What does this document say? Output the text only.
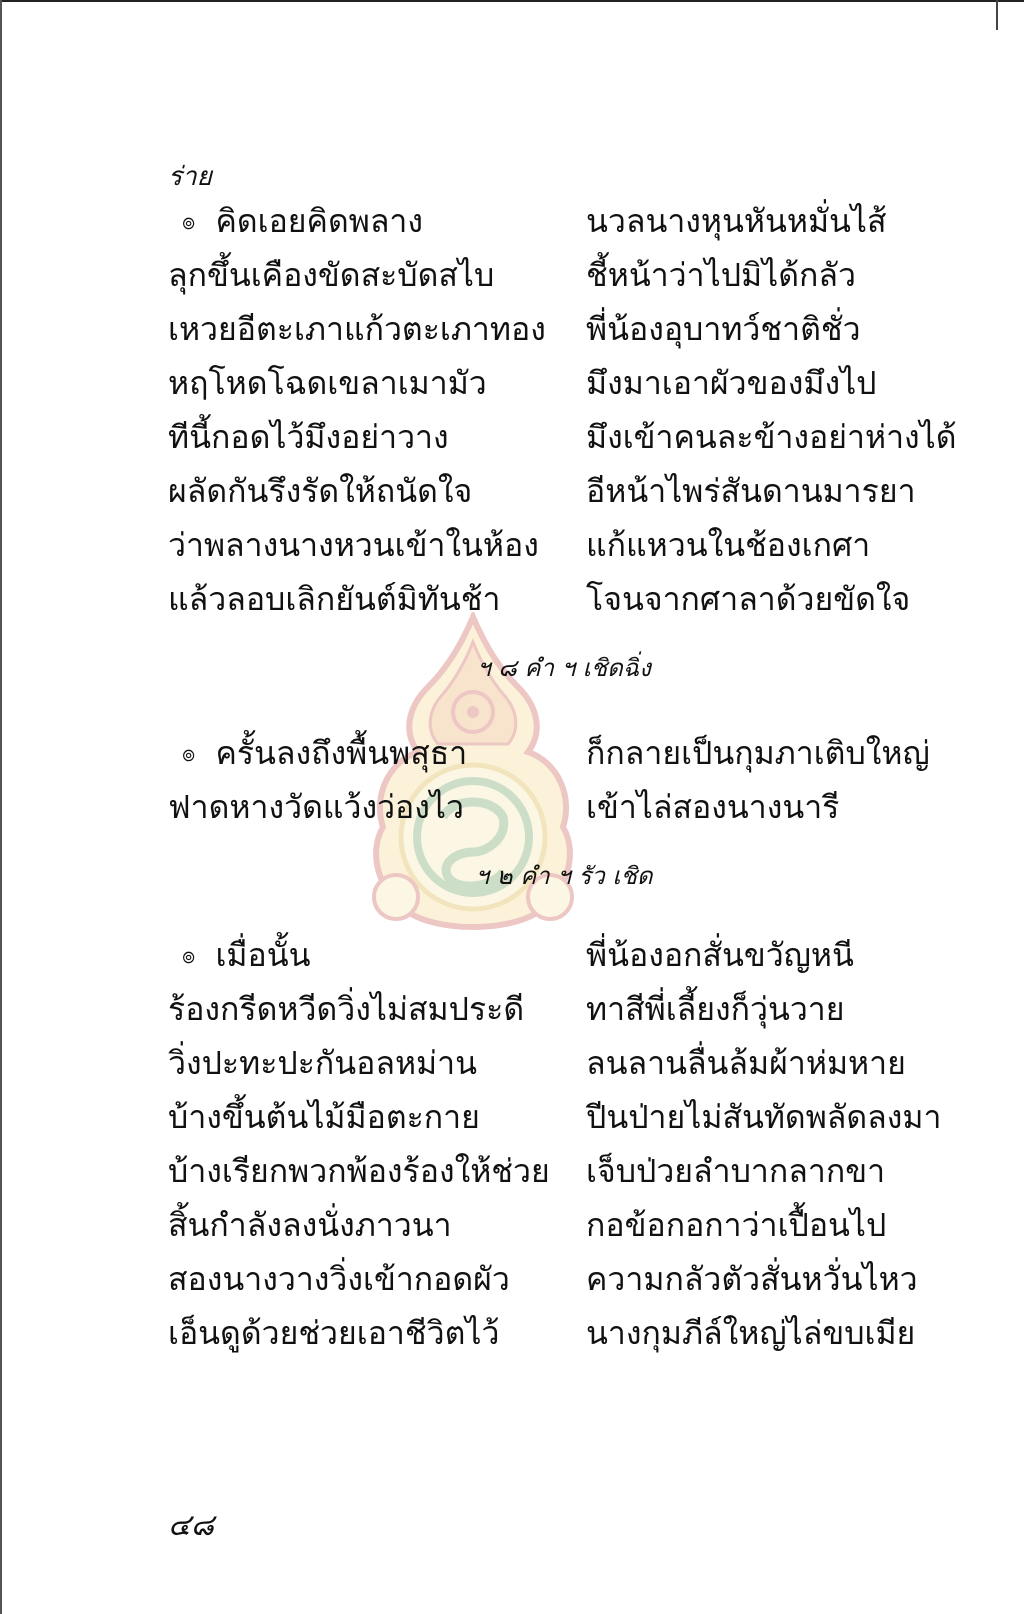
ร่าย
๏ คิดเอยคิดพลาง	นวลนางหุนหันหมั่นไส้
ลุกขึ้นเคืองขัดสะบัดสไบ	ชี้หน้าว่าไปมิได้กลัว
เหวยอีตะเภาแก้วตะเภาทอง พี่น้องอุบาทว์ชาติชั่ว
หฤโหดโฉดเขลาเมามัว	มึงมาเอาผัวของมึงไป
ทีนี้กอดไว้มึงอย่าวาง	มึงเข้าคนละข้างอย่าห่างได้
ผลัดกันรึงรัดให้ถนัดใจ	อีหน้าไพร่สันดานมารยา
ว่าพลางนางหวนเข้าในห้อง แก้แหวนในช้องเกศา
แล้วลอบเลิกยันต์มิทันช้า	โจนจากศาลาด้วยขัดใจ
ฯ ๘ คำ ฯ เชิดฉิ่ง
๏ ครั้นลงถึงพื้นพสุธา	ก็กลายเป็นกุมภาเติบใหญ่
ฟาดหางวัดแว้งว่องไว	เข้าไล่สองนางนารี
ฯ ๒ คำ ฯ รัว เชิด
๏ เมื่อนั้น	พี่น้องอกสั่นขวัญหนี
ร้องกรีดหวีดวิ่งไม่สมประดี ทาสีพี่เลี้ยงก็วุ่นวาย
วิ่งปะทะปะกันอลหม่าน	ลนลานลื่นล้มผ้าห่มหาย
บ้างขึ้นต้นไม้มือตะกาย	ปีนป่ายไม่สันทัดพลัดลงมา
บ้างเรียกพวกพ้องร้องให้ช่วย เจ็บป่วยลำบากลากขา
สิ้นกำลังลงนั่งภาวนา	กอข้อกอกาว่าเปื้อนไป
สองนางวางวิ่งเข้ากอดผัว ความกลัวตัวสั่นหวั่นไหว
เอ็นดูด้วยช่วยเอาชีวิตไว้	นางกุมภีล์ใหญ่ไล่ขบเมีย
๔๘
